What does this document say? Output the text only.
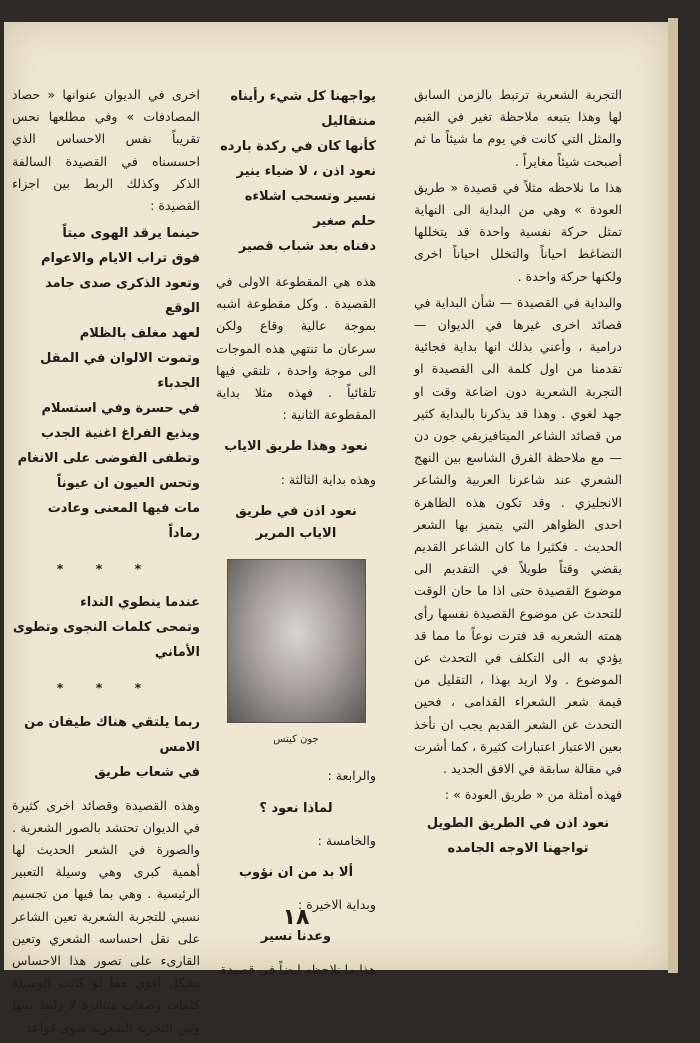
التجربة الشعرية ترتبط بالزمن السابق لها وهذا يتبعه ملاحظة تغير في القيم والمثل التي كانت في يوم ما شيئاً ما ثم أصبحت شيئاً مغايراً .

هذا ما نلاحظه مثلاً في قصيدة « طريق العودة » وهي من البداية الى النهاية تمثل حركة نفسية واحدة قد يتخللها التضاغط احياناً والتخلل احياناً اخرى ولكنها حركة واحدة .

والبداية في القصيدة — شأن البداية في قصائد اخرى غيرها في الديوان — درامية ، وأعني بذلك انها بداية فجائية تقدمنا من اول كلمة الى القصيدة او التجربة الشعرية دون اضاعة وقت او جهد لغوي . وهذا قد يذكرنا بالبداية كثير من قصائد الشاعر الميتافيزيقي جون دن — مع ملاحظة الفرق الشاسع بين النهج الشعري عند شاعرنا العربية والشاعر الانجليزي . وقد تكون هذه الظاهرة احدى الظواهر التي يتميز بها الشعر الحديث . فكثيرا ما كان الشاعر القديم يقضي وقتاً طويلاً في التقديم الى موضوع القصيدة حتى اذا ما حان الوقت للتحدث عن موضوع القصيدة نفسها رأى همته الشعريه قد فترت نوعاً ما مما قد يؤدي به الى التكلف في التحدث عن الموضوع . ولا اريد بهذا ، التقليل من قيمة شعر الشعراء القدامى ، فحين التحدث عن الشعر القديم يجب ان نأخذ بعين الاعتبار اعتبارات كثيرة ، كما أشرت في مقالة سابقة في الافق الجديد .

فهذه أمثلة من « طريق العودة » :

نعود اذن في الطريق الطويل
تواجهنا الاوجه الجامده
يواجهنا كل شيء رأيناه منتقاليل
كأنها كان في ركدة بارده
نعود اذن ، لا ضياء ينير
نسير وتسحب اشلاءه حلم صغير
دفناه بعد شباب قصير

هذه هي المقطوعة الاولى في القصيدة . وكل مقطوعة اشبه بموجة عالية وقاع ولكن سرعان ما تنتهي هذه الموجات الى موجة واحدة ، تلتقي فيها تلقائياً . فهذه مثلا بداية المقطوعة الثانية :

نعود وهذا طريق الاياب

وهذه بداية الثالثة :

نعود اذن في طريق الاياب المرير
جون كيتس

والرابعة :

لماذا نعود ؟

والخامسة :

ألا بد من ان نؤوب

وبداية الاخيرة :

وعدنا نسير

هذا ما نلاحظه ايضاً في قصيدة

اخرى في الديوان عنوانها « حصاد المصادفات » وفي مطلعها نحس تقريباً نفس الاحساس الذي احسسناه في القصيدة السالفة الذكر وكذلك الربط بين اجزاء القصيدة :

حينما يرقد الهوى ميتاً
فوق تراب الايام والاعوام
وتعود الذكرى صدى جامد الوقع
لعهد مغلف بالظلام
وتموت الالوان في المقل الجدباء
في حسرة وفي استسلام
ويذيع الفراغ اغنية الجدب
وتطفى الفوضى على الانغام
وتحس العيون ان عيوناً
مات فيها المعنى وعادت رماداً
* * *
عندما ينطوي النداء
وتمحى كلمات النجوى وتطوى الأماني
* * *
ربما يلتقي هناك طيفان من الامس
في شعاب طريق

وهذه القصيدة وقصائد اخرى كثيرة في الديوان تحتشد بالصور الشعرية . والصورة في الشعر الحديث لها أهمية كبرى وهي وسيلة التعبير الرئيسية . وهي بما فيها من تجسيم نسبي للتجربة الشعرية تعين الشاعر على نقل احساسه الشعري وتعين القارىء على تصور هذا الاحساس بشكل أقوى مما لو كانت الوسيلة كلمات وصفات متناثرة لا رابط بينها وبين التجربة الشعرية سوى قواعد

١٨
